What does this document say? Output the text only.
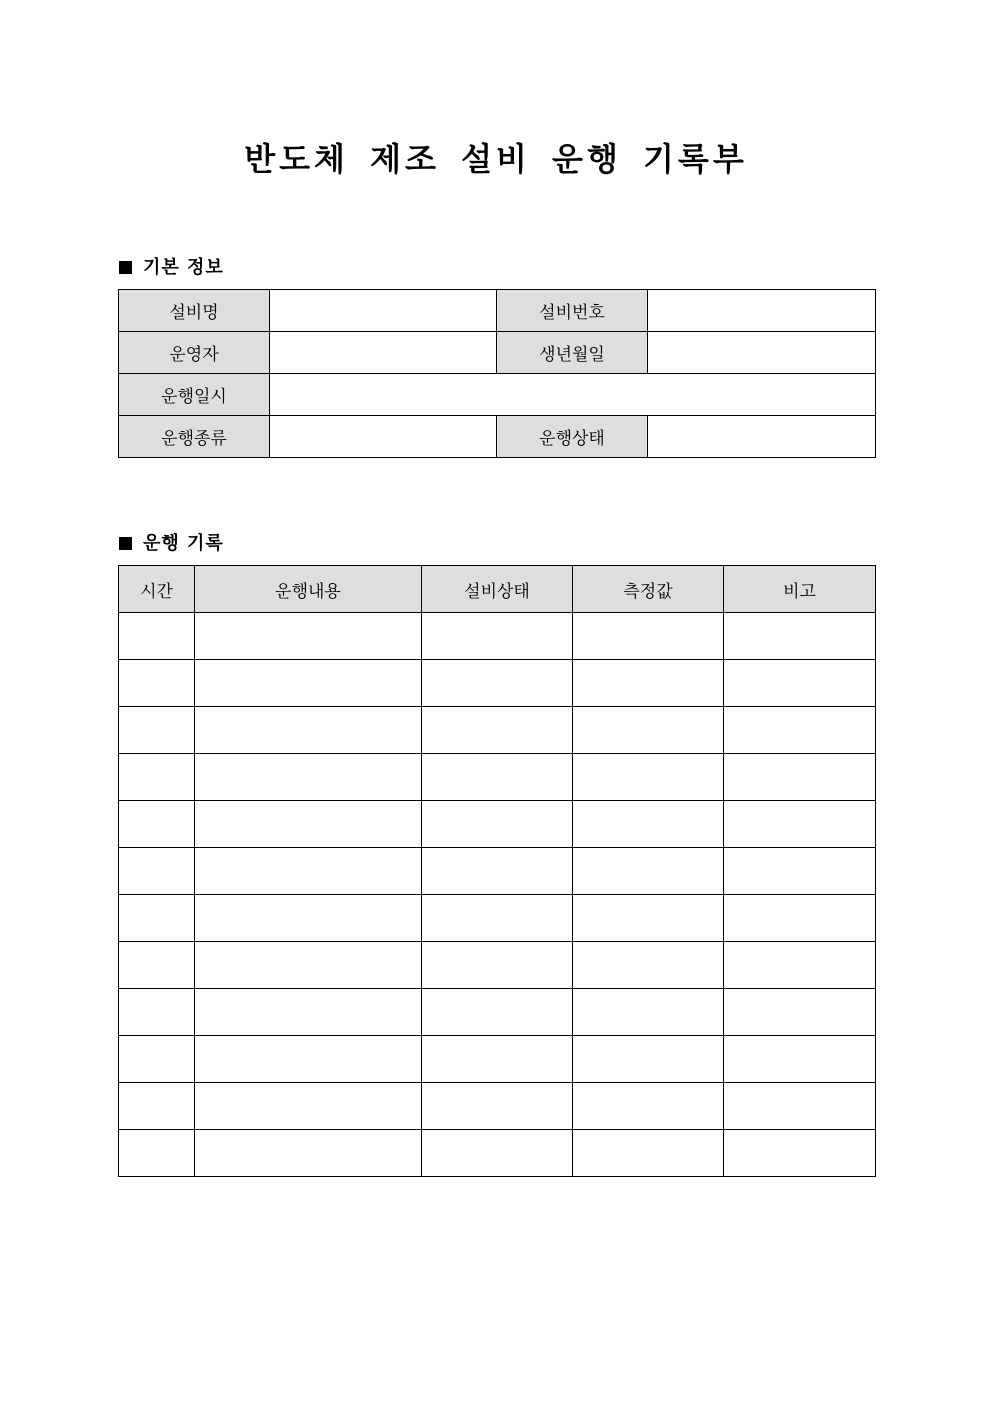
반도체 제조 설비 운행 기록부
기본 정보
설비명		설비번호	
운영자		생년월일	
운행일시			
운행종류		운행상태	
운행 기록
시간	운행내용	설비상태	측정값	비고
